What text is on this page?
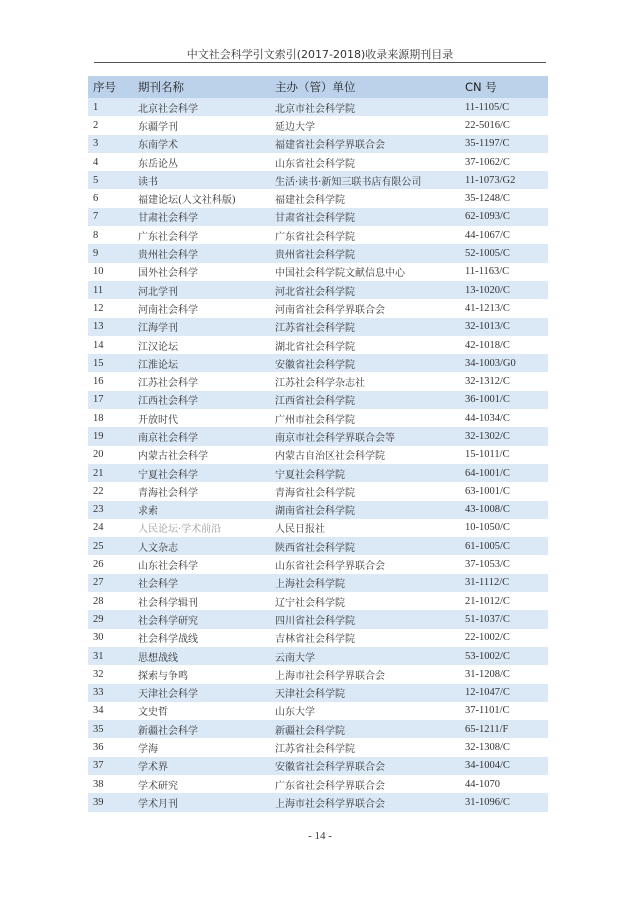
中文社会科学引文索引(2017-2018)收录来源期刊目录
序号	期刊名称	主办（管）单位	CN 号
1	北京社会科学	北京市社会科学院	11-1105/C
2	东疆学刊	延边大学	22-5016/C
3	东南学术	福建省社会科学界联合会	35-1197/C
4	东岳论丛	山东省社会科学院	37-1062/C
5	读书	生活·读书·新知三联书店有限公司	11-1073/G2
6	福建论坛(人文社科版)	福建社会科学院	35-1248/C
7	甘肃社会科学	甘肃省社会科学院	62-1093/C
8	广东社会科学	广东省社会科学院	44-1067/C
9	贵州社会科学	贵州省社会科学院	52-1005/C
10	国外社会科学	中国社会科学院文献信息中心	11-1163/C
11	河北学刊	河北省社会科学院	13-1020/C
12	河南社会科学	河南省社会科学界联合会	41-1213/C
13	江海学刊	江苏省社会科学院	32-1013/C
14	江汉论坛	湖北省社会科学院	42-1018/C
15	江淮论坛	安徽省社会科学院	34-1003/G0
16	江苏社会科学	江苏社会科学杂志社	32-1312/C
17	江西社会科学	江西省社会科学院	36-1001/C
18	开放时代	广州市社会科学院	44-1034/C
19	南京社会科学	南京市社会科学界联合会等	32-1302/C
20	内蒙古社会科学	内蒙古自治区社会科学院	15-1011/C
21	宁夏社会科学	宁夏社会科学院	64-1001/C
22	青海社会科学	青海省社会科学院	63-1001/C
23	求索	湖南省社会科学院	43-1008/C
24	人民论坛·学术前沿	人民日报社	10-1050/C
25	人文杂志	陕西省社会科学院	61-1005/C
26	山东社会科学	山东省社会科学界联合会	37-1053/C
27	社会科学	上海社会科学院	31-1112/C
28	社会科学辑刊	辽宁社会科学院	21-1012/C
29	社会科学研究	四川省社会科学院	51-1037/C
30	社会科学战线	吉林省社会科学院	22-1002/C
31	思想战线	云南大学	53-1002/C
32	探索与争鸣	上海市社会科学界联合会	31-1208/C
33	天津社会科学	天津社会科学院	12-1047/C
34	文史哲	山东大学	37-1101/C
35	新疆社会科学	新疆社会科学院	65-1211/F
36	学海	江苏省社会科学院	32-1308/C
37	学术界	安徽省社会科学界联合会	34-1004/C
38	学术研究	广东省社会科学界联合会	44-1070
39	学术月刊	上海市社会科学界联合会	31-1096/C
- 14 -
